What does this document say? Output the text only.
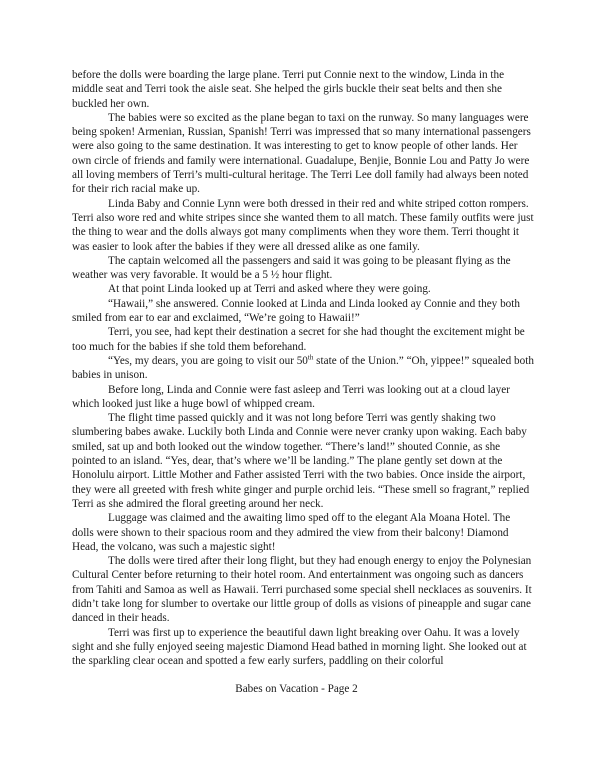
before the dolls were boarding the large plane. Terri put Connie next to the window, Linda in the middle seat and Terri took the aisle seat. She helped the girls buckle their seat belts and then she buckled her own.

The babies were so excited as the plane began to taxi on the runway. So many languages were being spoken! Armenian, Russian, Spanish! Terri was impressed that so many international passengers were also going to the same destination. It was interesting to get to know people of other lands. Her own circle of friends and family were international. Guadalupe, Benjie, Bonnie Lou and Patty Jo were all loving members of Terri’s multi-cultural heritage. The Terri Lee doll family had always been noted for their rich racial make up.

Linda Baby and Connie Lynn were both dressed in their red and white striped cotton rompers. Terri also wore red and white stripes since she wanted them to all match. These family outfits were just the thing to wear and the dolls always got many compliments when they wore them. Terri thought it was easier to look after the babies if they were all dressed alike as one family.

The captain welcomed all the passengers and said it was going to be pleasant flying as the weather was very favorable. It would be a 5 ½ hour flight.

At that point Linda looked up at Terri and asked where they were going.

“Hawaii,” she answered. Connie looked at Linda and Linda looked ay Connie and they both smiled from ear to ear and exclaimed, “We’re going to Hawaii!”

Terri, you see, had kept their destination a secret for she had thought the excitement might be too much for the babies if she told them beforehand.

“Yes, my dears, you are going to visit our 50th state of the Union.” “Oh, yippee!” squealed both babies in unison.

Before long, Linda and Connie were fast asleep and Terri was looking out at a cloud layer which looked just like a huge bowl of whipped cream.

The flight time passed quickly and it was not long before Terri was gently shaking two slumbering babes awake. Luckily both Linda and Connie were never cranky upon waking. Each baby smiled, sat up and both looked out the window together. “There’s land!” shouted Connie, as she pointed to an island. “Yes, dear, that’s where we’ll be landing.” The plane gently set down at the Honolulu airport. Little Mother and Father assisted Terri with the two babies. Once inside the airport, they were all greeted with fresh white ginger and purple orchid leis. “These smell so fragrant,” replied Terri as she admired the floral greeting around her neck.

Luggage was claimed and the awaiting limo sped off to the elegant Ala Moana Hotel. The dolls were shown to their spacious room and they admired the view from their balcony! Diamond Head, the volcano, was such a majestic sight!

The dolls were tired after their long flight, but they had enough energy to enjoy the Polynesian Cultural Center before returning to their hotel room. And entertainment was ongoing such as dancers from Tahiti and Samoa as well as Hawaii. Terri purchased some special shell necklaces as souvenirs. It didn’t take long for slumber to overtake our little group of dolls as visions of pineapple and sugar cane danced in their heads.

Terri was first up to experience the beautiful dawn light breaking over Oahu. It was a lovely sight and she fully enjoyed seeing majestic Diamond Head bathed in morning light. She looked out at the sparkling clear ocean and spotted a few early surfers, paddling on their colorful

Babes on Vacation - Page 2
